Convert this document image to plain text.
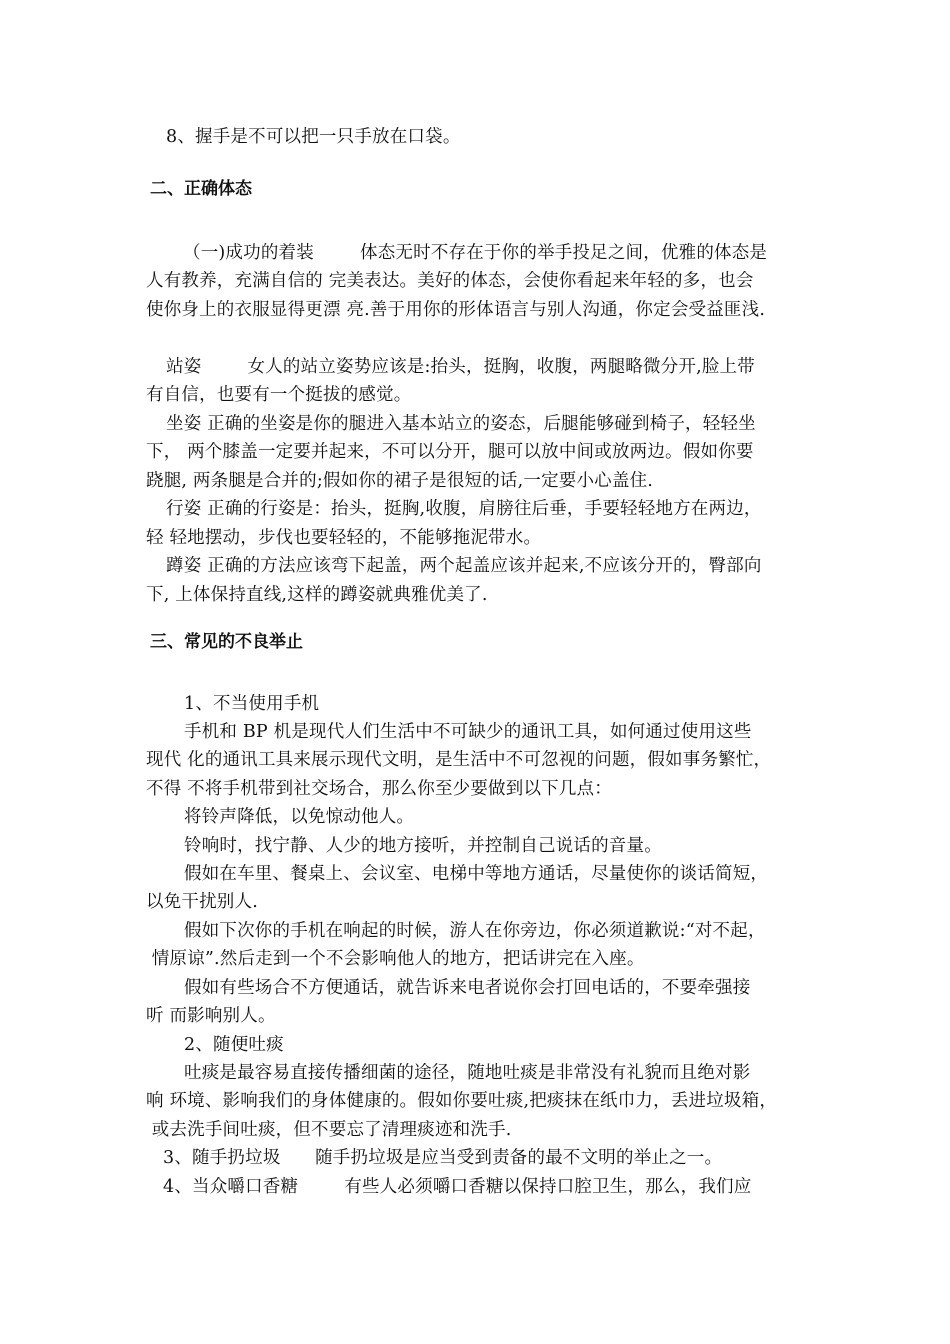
8、握手是不可以把一只手放在口袋。
二、正确体态
（一)成功的着装        体态无时不存在于你的举手投足之间，优雅的体态是
人有教养，充满自信的 完美表达。美好的体态，会使你看起来年轻的多，也会
使你身上的衣服显得更漂 亮.善于用你的形体语言与别人沟通，你定会受益匪浅.
站姿        女人的站立姿势应该是:抬头，挺胸，收腹，两腿略微分开,脸上带
有自信，也要有一个挺拔的感觉。
坐姿 正确的坐姿是你的腿进入基本站立的姿态，后腿能够碰到椅子，轻轻坐
下， 两个膝盖一定要并起来，不可以分开，腿可以放中间或放两边。假如你要
跷腿, 两条腿是合并的;假如你的裙子是很短的话,一定要小心盖住.
行姿 正确的行姿是：抬头，挺胸,收腹，肩膀往后垂，手要轻轻地方在两边，
轻 轻地摆动，步伐也要轻轻的，不能够拖泥带水。
蹲姿 正确的方法应该弯下起盖，两个起盖应该并起来,不应该分开的，臀部向
下, 上体保持直线,这样的蹲姿就典雅优美了.
三、常见的不良举止
1、不当使用手机
手机和 BP 机是现代人们生活中不可缺少的通讯工具，如何通过使用这些
现代 化的通讯工具来展示现代文明，是生活中不可忽视的问题，假如事务繁忙，
不得 不将手机带到社交场合，那么你至少要做到以下几点：
将铃声降低，以免惊动他人。
铃响时，找宁静、人少的地方接听，并控制自己说话的音量。
假如在车里、餐桌上、会议室、电梯中等地方通话，尽量使你的谈话简短，
以免干扰别人.
假如下次你的手机在响起的时候，游人在你旁边，你必须道歉说:“对不起，
情原谅”.然后走到一个不会影响他人的地方，把话讲完在入座。
假如有些场合不方便通话，就告诉来电者说你会打回电话的，不要牵强接
听 而影响别人。
2、随便吐痰
吐痰是最容易直接传播细菌的途径，随地吐痰是非常没有礼貌而且绝对影
响 环境、影响我们的身体健康的。假如你要吐痰,把痰抹在纸巾力，丢进垃圾箱，
或去洗手间吐痰，但不要忘了清理痰迹和洗手.
3、随手扔垃圾      随手扔垃圾是应当受到责备的最不文明的举止之一。
4、当众嚼口香糖        有些人必须嚼口香糖以保持口腔卫生，那么，我们应
